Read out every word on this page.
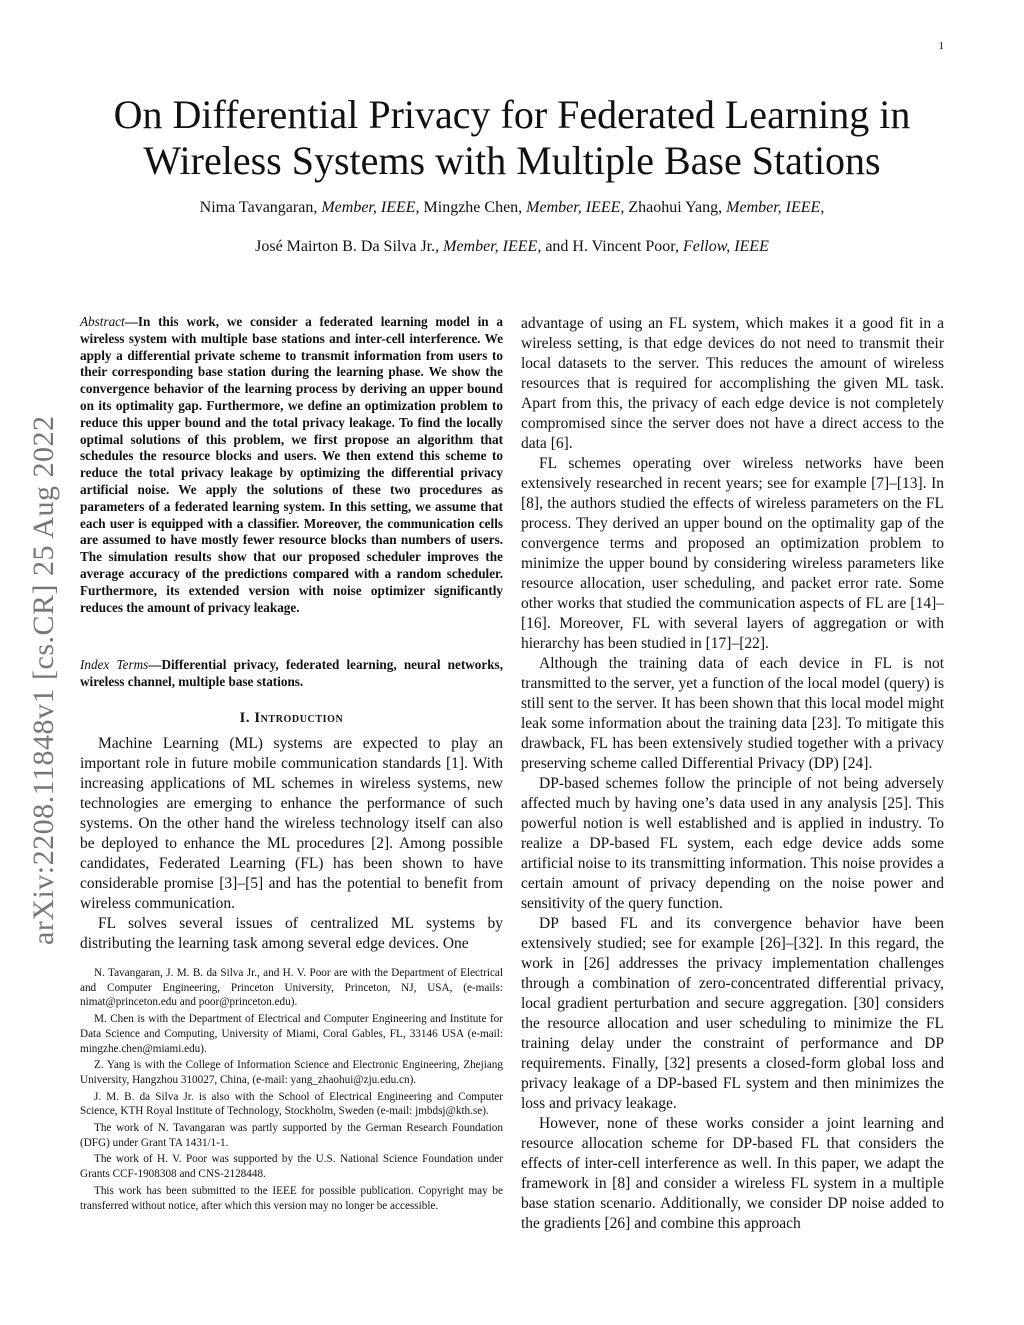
1
arXiv:2208.11848v1 [cs.CR] 25 Aug 2022
On Differential Privacy for Federated Learning in Wireless Systems with Multiple Base Stations
Nima Tavangaran, Member, IEEE, Mingzhe Chen, Member, IEEE, Zhaohui Yang, Member, IEEE,
José Mairton B. Da Silva Jr., Member, IEEE, and H. Vincent Poor, Fellow, IEEE

Abstract—In this work, we consider a federated learning model in a wireless system with multiple base stations and inter-cell interference. We apply a differential private scheme to transmit information from users to their corresponding base station during the learning phase. We show the convergence behavior of the learning process by deriving an upper bound on its optimality gap. Furthermore, we define an optimization problem to reduce this upper bound and the total privacy leakage. To find the locally optimal solutions of this problem, we first propose an algorithm that schedules the resource blocks and users. We then extend this scheme to reduce the total privacy leakage by optimizing the differential privacy artificial noise. We apply the solutions of these two procedures as parameters of a federated learning system. In this setting, we assume that each user is equipped with a classifier. Moreover, the communication cells are assumed to have mostly fewer resource blocks than numbers of users. The simulation results show that our proposed scheduler improves the average accuracy of the predictions compared with a random scheduler. Furthermore, its extended version with noise optimizer significantly reduces the amount of privacy leakage.

Index Terms—Differential privacy, federated learning, neural networks, wireless channel, multiple base stations.

I. Introduction

Machine Learning (ML) systems are expected to play an important role in future mobile communication standards [1]. With increasing applications of ML schemes in wireless systems, new technologies are emerging to enhance the performance of such systems. On the other hand the wireless technology itself can also be deployed to enhance the ML procedures [2]. Among possible candidates, Federated Learning (FL) has been shown to have considerable promise [3]–[5] and has the potential to benefit from wireless communication.

FL solves several issues of centralized ML systems by distributing the learning task among several edge devices. One

N. Tavangaran, J. M. B. da Silva Jr., and H. V. Poor are with the Department of Electrical and Computer Engineering, Princeton University, Princeton, NJ, USA, (e-mails: nimat@princeton.edu and poor@princeton.edu).

M. Chen is with the Department of Electrical and Computer Engineering and Institute for Data Science and Computing, University of Miami, Coral Gables, FL, 33146 USA (e-mail: mingzhe.chen@miami.edu).

Z. Yang is with the College of Information Science and Electronic Engineering, Zhejiang University, Hangzhou 310027, China, (e-mail: yang_zhaohui@zju.edu.cn).

J. M. B. da Silva Jr. is also with the School of Electrical Engineering and Computer Science, KTH Royal Institute of Technology, Stockholm, Sweden (e-mail: jmbdsj@kth.se).

The work of N. Tavangaran was partly supported by the German Research Foundation (DFG) under Grant TA 1431/1-1.

The work of H. V. Poor was supported by the U.S. National Science Foundation under Grants CCF-1908308 and CNS-2128448.

This work has been submitted to the IEEE for possible publication. Copyright may be transferred without notice, after which this version may no longer be accessible.

advantage of using an FL system, which makes it a good fit in a wireless setting, is that edge devices do not need to transmit their local datasets to the server. This reduces the amount of wireless resources that is required for accomplishing the given ML task. Apart from this, the privacy of each edge device is not completely compromised since the server does not have a direct access to the data [6].

FL schemes operating over wireless networks have been extensively researched in recent years; see for example [7]–[13]. In [8], the authors studied the effects of wireless parameters on the FL process. They derived an upper bound on the optimality gap of the convergence terms and proposed an optimization problem to minimize the upper bound by considering wireless parameters like resource allocation, user scheduling, and packet error rate. Some other works that studied the communication aspects of FL are [14]–[16]. Moreover, FL with several layers of aggregation or with hierarchy has been studied in [17]–[22].

Although the training data of each device in FL is not transmitted to the server, yet a function of the local model (query) is still sent to the server. It has been shown that this local model might leak some information about the training data [23]. To mitigate this drawback, FL has been extensively studied together with a privacy preserving scheme called Differential Privacy (DP) [24].

DP-based schemes follow the principle of not being adversely affected much by having one’s data used in any analysis [25]. This powerful notion is well established and is applied in industry. To realize a DP-based FL system, each edge device adds some artificial noise to its transmitting information. This noise provides a certain amount of privacy depending on the noise power and sensitivity of the query function.

DP based FL and its convergence behavior have been extensively studied; see for example [26]–[32]. In this regard, the work in [26] addresses the privacy implementation challenges through a combination of zero-concentrated differential privacy, local gradient perturbation and secure aggregation. [30] considers the resource allocation and user scheduling to minimize the FL training delay under the constraint of performance and DP requirements. Finally, [32] presents a closed-form global loss and privacy leakage of a DP-based FL system and then minimizes the loss and privacy leakage.

However, none of these works consider a joint learning and resource allocation scheme for DP-based FL that considers the effects of inter-cell interference as well. In this paper, we adapt the framework in [8] and consider a wireless FL system in a multiple base station scenario. Additionally, we consider DP noise added to the gradients [26] and combine this approach
